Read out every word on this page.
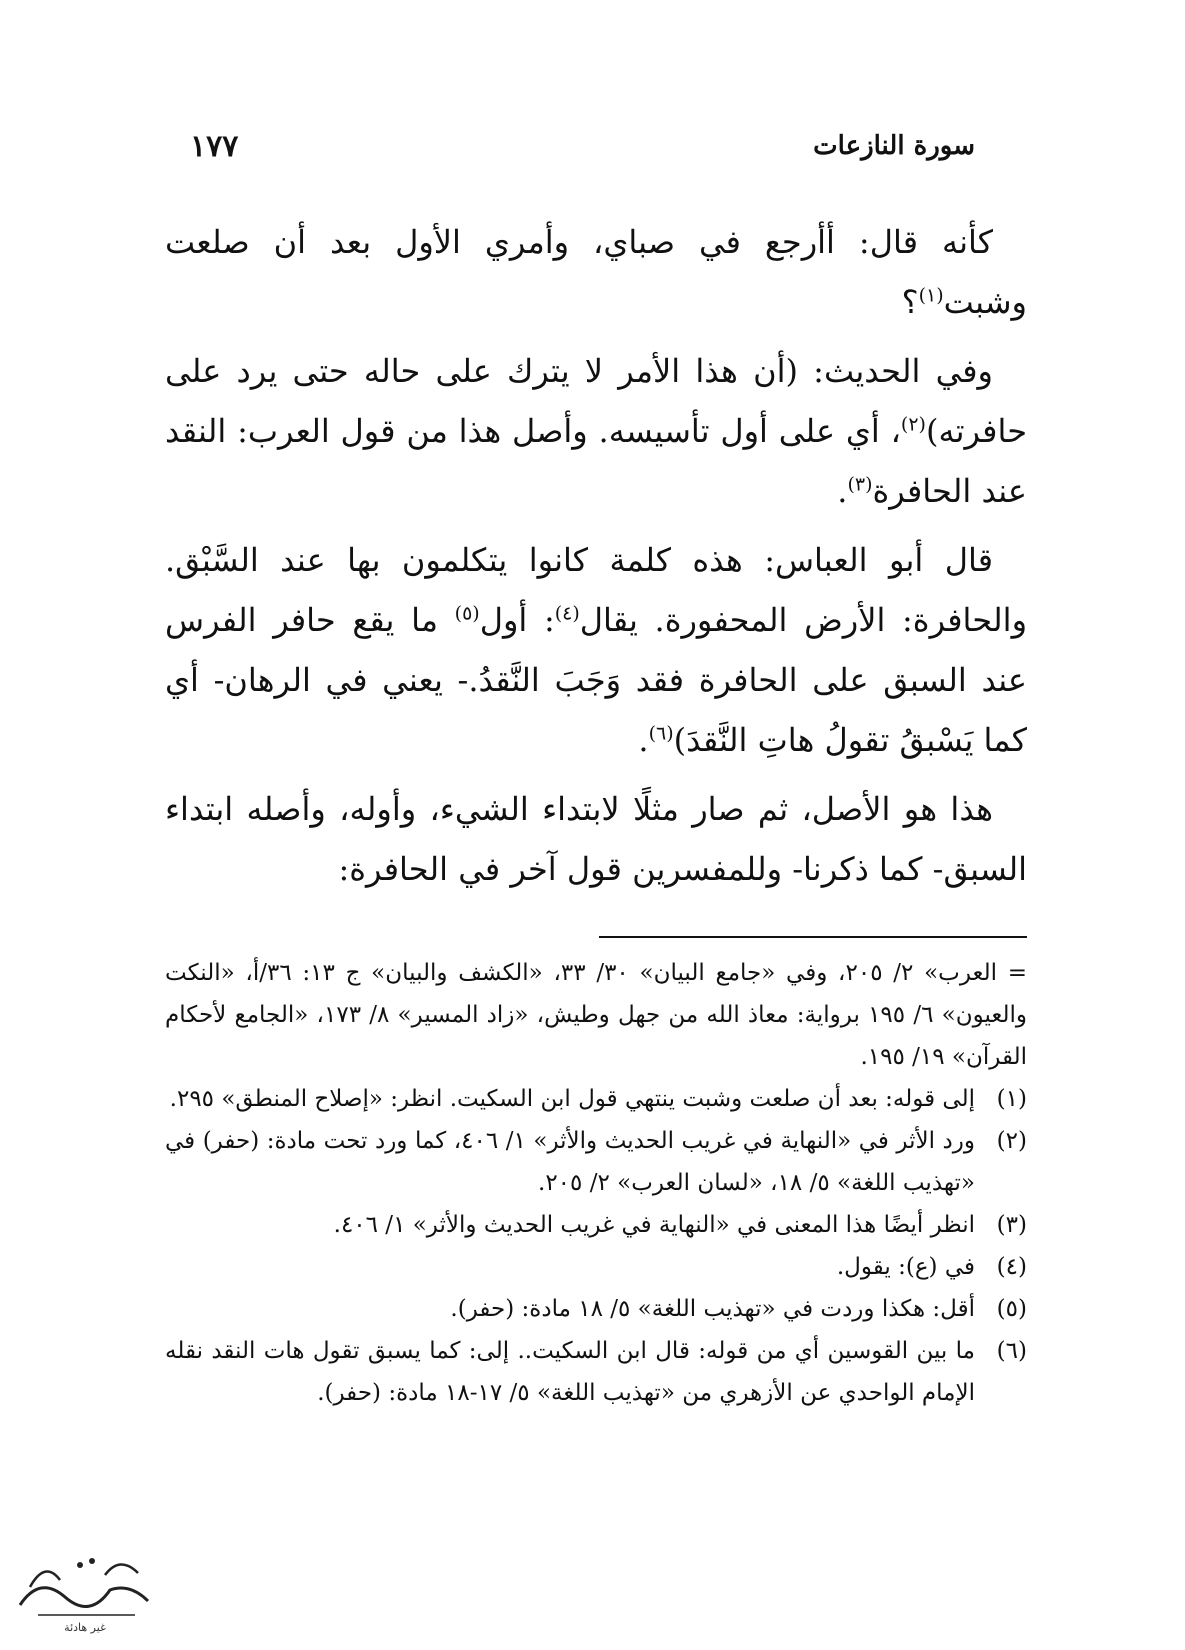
سورة النازعات
١٧٧

كأنه قال: أأرجع في صباي، وأمري الأول بعد أن صلعت وشبت$^{(١)}$؟

وفي الحديث: (أن هذا الأمر لا يترك على حاله حتى يرد على حافرته)$^{(٢)}$، أي على أول تأسيسه. وأصل هذا من قول العرب: النقد عند الحافرة$^{(٣)}$.

قال أبو العباس: هذه كلمة كانوا يتكلمون بها عند السَّبْق. والحافرة: الأرض المحفورة. يقال$^{(٤)}$: أول$^{(٥)}$ ما يقع حافر الفرس عند السبق على الحافرة فقد وَجَبَ النَّقدُ.- يعني في الرهان- أي كما يَسْبقُ تقولُ هاتِ النَّقدَ)$^{(٦)}$.

هذا هو الأصل، ثم صار مثلًا لابتداء الشيء، وأوله، وأصله ابتداء السبق- كما ذكرنا- وللمفسرين قول آخر في الحافرة:

= العرب» ٢/ ٢٠٥، وفي «جامع البيان» ٣٠/ ٣٣، «الكشف والبيان» ج ١٣: ٣٦/أ، «النكت والعيون» ٦/ ١٩٥ برواية: معاذ الله من جهل وطيش، «زاد المسير» ٨/ ١٧٣، «الجامع لأحكام القرآن» ١٩/ ١٩٥.

(١)
إلى قوله: بعد أن صلعت وشبت ينتهي قول ابن السكيت. انظر: «إصلاح المنطق» ٢٩٥.
(٢)
ورد الأثر في «النهاية في غريب الحديث والأثر» ١/ ٤٠٦، كما ورد تحت مادة: (حفر) في «تهذيب اللغة» ٥/ ١٨، «لسان العرب» ٢/ ٢٠٥.
(٣)
انظر أيضًا هذا المعنى في «النهاية في غريب الحديث والأثر» ١/ ٤٠٦.
(٤)
في (ع): يقول.
(٥)
أقل: هكذا وردت في «تهذيب اللغة» ٥/ ١٨ مادة: (حفر).
(٦)
ما بين القوسين أي من قوله: قال ابن السكيت.. إلى: كما يسبق تقول هات النقد نقله الإمام الواحدي عن الأزهري من «تهذيب اللغة» ٥/ ١٧-١٨ مادة: (حفر).
غير هادئة
